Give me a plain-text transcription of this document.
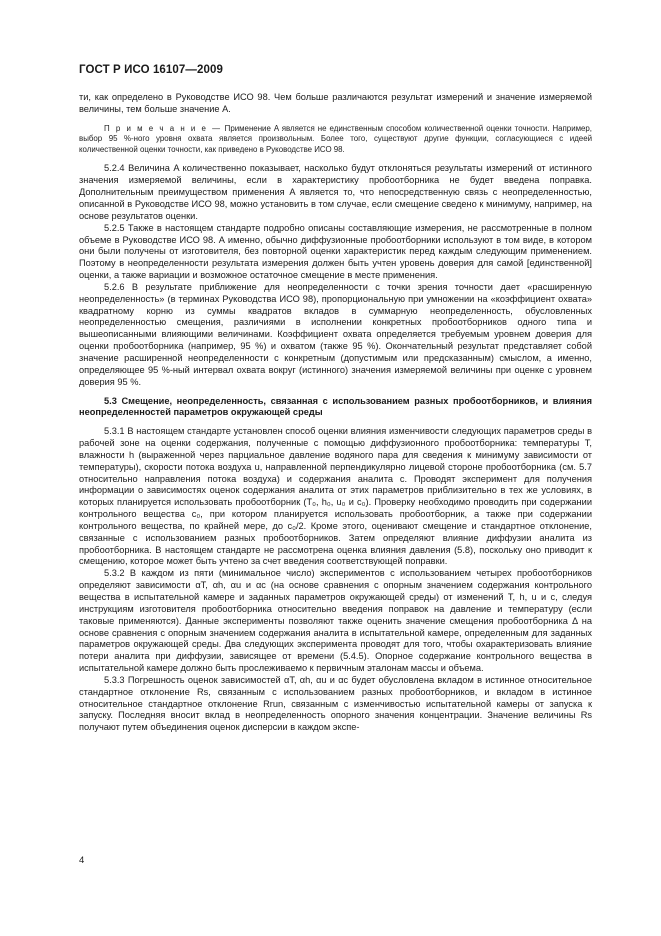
ГОСТ Р ИСО 16107—2009

ти, как определено в Руководстве ИСО 98. Чем больше различаются результат измерений и значение измеряемой величины, тем больше значение A.

П р и м е ч а н и е — Применение A является не единственным способом количественной оценки точности. Например, выбор 95 %-ного уровня охвата является произвольным. Более того, существуют другие функции, согласующиеся с идеей количественной оценки точности, как приведено в Руководстве ИСО 98.

5.2.4 Величина A количественно показывает, насколько будут отклоняться результаты измерений от истинного значения измеряемой величины, если в характеристику пробоотборника не будет введена поправка. Дополнительным преимуществом применения A является то, что непосредственную связь с неопределенностью, описанной в Руководстве ИСО 98, можно установить в том случае, если смещение сведено к минимуму, например, на основе результатов оценки.

5.2.5 Также в настоящем стандарте подробно описаны составляющие измерения, не рассмотренные в полном объеме в Руководстве ИСО 98. А именно, обычно диффузионные пробоотборники используют в том виде, в котором они были получены от изготовителя, без повторной оценки характеристик перед каждым следующим применением. Поэтому в неопределенности результата измерения должен быть учтен уровень доверия для самой [единственной] оценки, а также вариации и возможное остаточное смещение в месте применения.

5.2.6 В результате приближение для неопределенности с точки зрения точности дает «расширенную неопределенность» (в терминах Руководства ИСО 98), пропорциональную при умножении на «коэффициент охвата» квадратному корню из суммы квадратов вкладов в суммарную неопределенность, обусловленных неопределенностью смещения, различиями в исполнении конкретных пробоотборников одного типа и вышеописанными влияющими величинами. Коэффициент охвата определяется требуемым уровнем доверия для оценки пробоотборника (например, 95 %) и охватом (также 95 %). Окончательный результат представляет собой значение расширенной неопределенности с конкретным (допустимым или предсказанным) смыслом, а именно, определяющее 95 %-ный интервал охвата вокруг (истинного) значения измеряемой величины при оценке с уровнем доверия 95 %.

5.3 Смещение, неопределенность, связанная с использованием разных пробоотборников, и влияния неопределенностей параметров окружающей среды

5.3.1 В настоящем стандарте установлен способ оценки влияния изменчивости следующих параметров среды в рабочей зоне на оценки содержания, полученные с помощью диффузионного пробоотборника: температуры T, влажности h (выраженной через парциальное давление водяного пара для сведения к минимуму зависимости от температуры), скорости потока воздуха u, направленной перпендикулярно лицевой стороне пробоотборника (см. 5.7 относительно направления потока воздуха) и содержания аналита c. Проводят эксперимент для получения информации о зависимостях оценок содержания аналита от этих параметров приблизительно в тех же условиях, в которых планируется использовать пробоотборник (T₀, h₀, u₀ и c₀). Проверку необходимо проводить при содержании контрольного вещества c₀, при котором планируется использовать пробоотборник, а также при содержании контрольного вещества, по крайней мере, до c₀/2. Кроме этого, оценивают смещение и стандартное отклонение, связанные с использованием разных пробоотборников. Затем определяют влияние диффузии аналита из пробоотборника. В настоящем стандарте не рассмотрена оценка влияния давления (5.8), поскольку оно приводит к смещению, которое может быть учтено за счет введения соответствующей поправки.

5.3.2 В каждом из пяти (минимальное число) экспериментов с использованием четырех пробоотборников определяют зависимости αT, αh, αu и αc (на основе сравнения с опорным значением содержания контрольного вещества в испытательной камере и заданных параметров окружающей среды) от изменений T, h, u и c, следуя инструкциям изготовителя пробоотборника относительно введения поправок на давление и температуру (если таковые применяются). Данные эксперименты позволяют также оценить значение смещения пробоотборника Δ на основе сравнения с опорным значением содержания аналита в испытательной камере, определенным для заданных параметров окружающей среды. Два следующих эксперимента проводят для того, чтобы охарактеризовать влияние потери аналита при диффузии, зависящее от времени (5.4.5). Опорное содержание контрольного вещества в испытательной камере должно быть прослеживаемо к первичным эталонам массы и объема.

5.3.3 Погрешность оценок зависимостей αT, αh, αu и αc будет обусловлена вкладом в истинное относительное стандартное отклонение Rs, связанным с использованием разных пробоотборников, и вкладом в истинное относительное стандартное отклонение Rrun, связанным с изменчивостью испытательной камеры от запуска к запуску. Последняя вносит вклад в неопределенность опорного значения концентрации. Значение величины Rs получают путем объединения оценок дисперсии в каждом экспе-

4
